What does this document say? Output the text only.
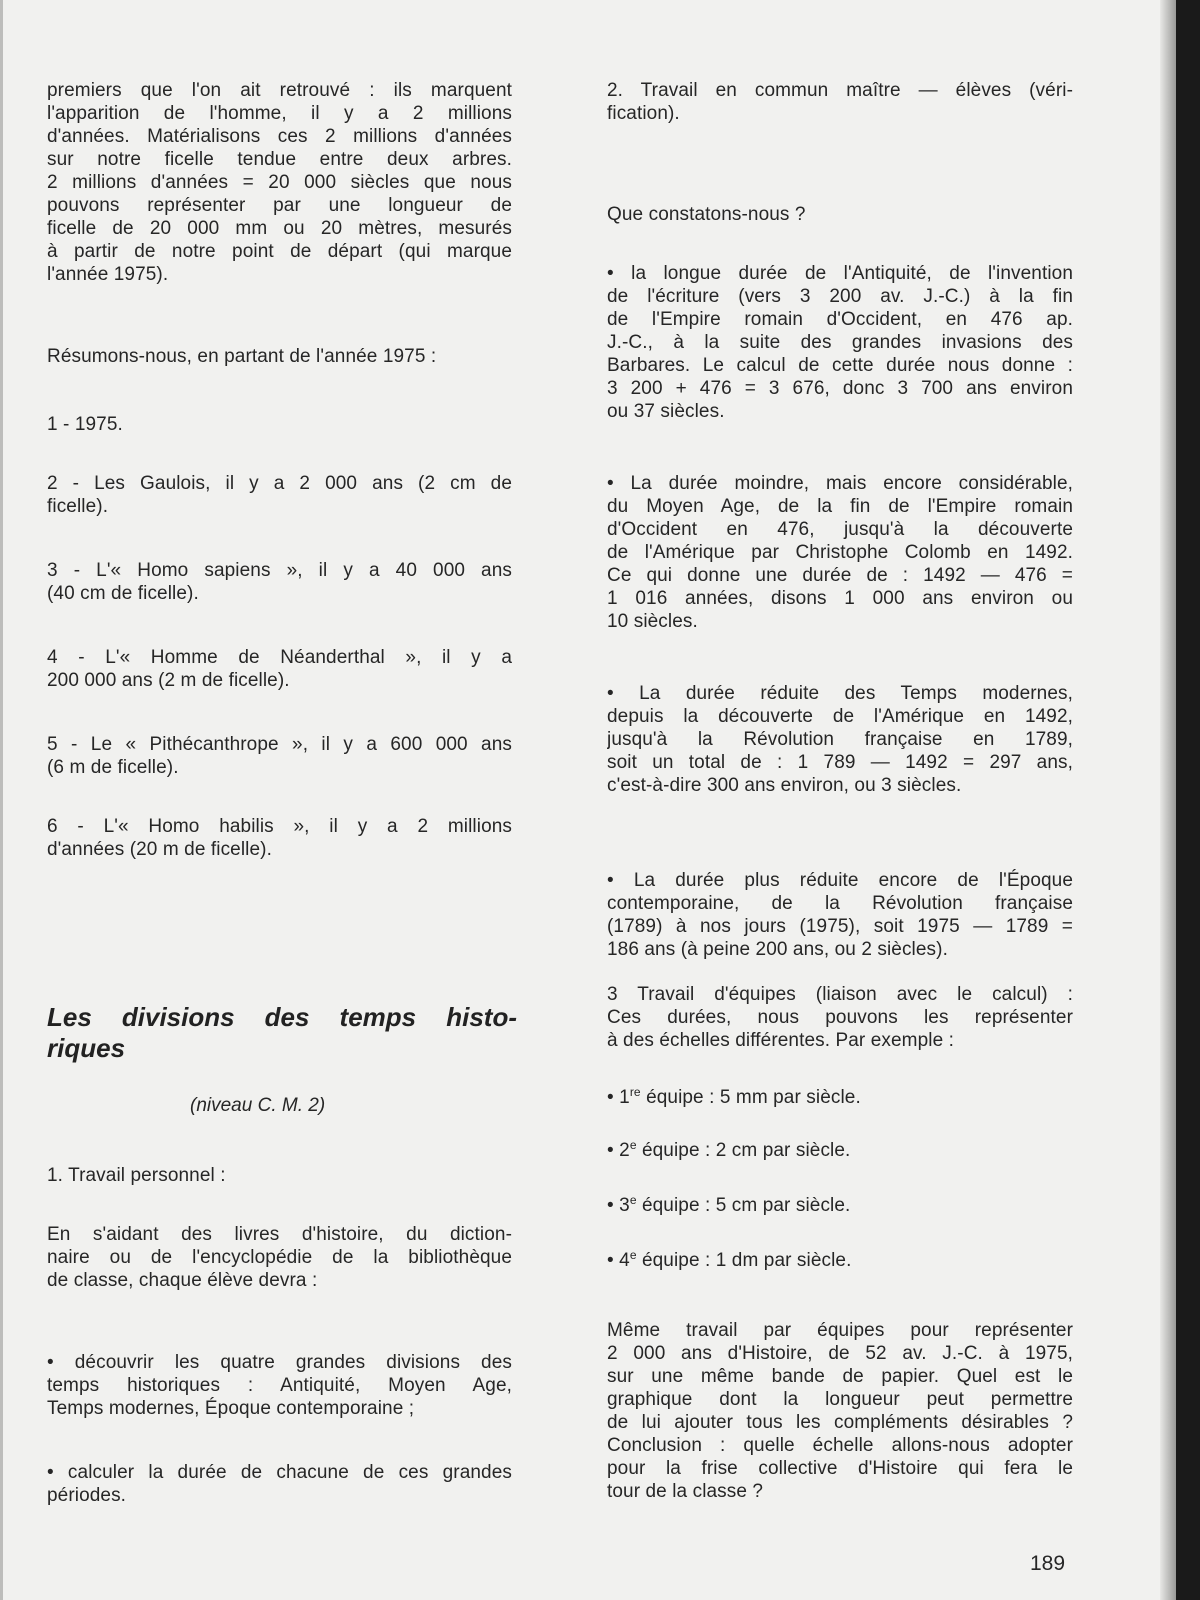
premiers que l'on ait retrouvé : ils marquent
l'apparition de l'homme, il y a 2 millions
d'années. Matérialisons ces 2 millions d'années
sur notre ficelle tendue entre deux arbres.
2 millions d'années = 20 000 siècles que nous
pouvons représenter par une longueur de
ficelle de 20 000 mm ou 20 mètres, mesurés
à partir de notre point de départ (qui marque
l'année 1975).
Résumons-nous, en partant de l'année 1975 :
1 - 1975.
2 - Les Gaulois, il y a 2 000 ans (2 cm de
ficelle).
3 - L'« Homo sapiens », il y a 40 000 ans
(40 cm de ficelle).
4 - L'« Homme de Néanderthal », il y a
200 000 ans (2 m de ficelle).
5 - Le « Pithécanthrope », il y a 600 000 ans
(6 m de ficelle).
6 - L'« Homo habilis », il y a 2 millions
d'années (20 m de ficelle).
1. Travail personnel :
En s'aidant des livres d'histoire, du diction-
naire ou de l'encyclopédie de la bibliothèque
de classe, chaque élève devra :
• découvrir les quatre grandes divisions des
temps historiques : Antiquité, Moyen Age,
Temps modernes, Époque contemporaine ;
• calculer la durée de chacune de ces grandes
périodes.
2. Travail en commun maître — élèves (véri-
fication).
Que constatons-nous ?
• la longue durée de l'Antiquité, de l'invention
de l'écriture (vers 3 200 av. J.-C.) à la fin
de l'Empire romain d'Occident, en 476 ap.
J.-C., à la suite des grandes invasions des
Barbares. Le calcul de cette durée nous donne :
3 200 + 476 = 3 676, donc 3 700 ans environ
ou 37 siècles.
• La durée moindre, mais encore considérable,
du Moyen Age, de la fin de l'Empire romain
d'Occident en 476, jusqu'à la découverte
de l'Amérique par Christophe Colomb en 1492.
Ce qui donne une durée de : 1492 — 476 =
1 016 années, disons 1 000 ans environ ou
10 siècles.
• La durée réduite des Temps modernes,
depuis la découverte de l'Amérique en 1492,
jusqu'à la Révolution française en 1789,
soit un total de : 1 789 — 1492 = 297 ans,
c'est-à-dire 300 ans environ, ou 3 siècles.
• La durée plus réduite encore de l'Époque
contemporaine, de la Révolution française
(1789) à nos jours (1975), soit 1975 — 1789 =
186 ans (à peine 200 ans, ou 2 siècles).
3 Travail d'équipes (liaison avec le calcul) :
Ces durées, nous pouvons les représenter
à des échelles différentes. Par exemple :
Même travail par équipes pour représenter
2 000 ans d'Histoire, de 52 av. J.-C. à 1975,
sur une même bande de papier. Quel est le
graphique dont la longueur peut permettre
de lui ajouter tous les compléments désirables ?
Conclusion : quelle échelle allons-nous adopter
pour la frise collective d'Histoire qui fera le
tour de la classe ?
Les divisions des temps histo-
riques
(niveau C. M. 2)	• 1re équipe : 5 mm par siècle.
• 2e équipe : 2 cm par siècle.
• 3e équipe : 5 cm par siècle.
• 4e équipe : 1 dm par siècle.
189
